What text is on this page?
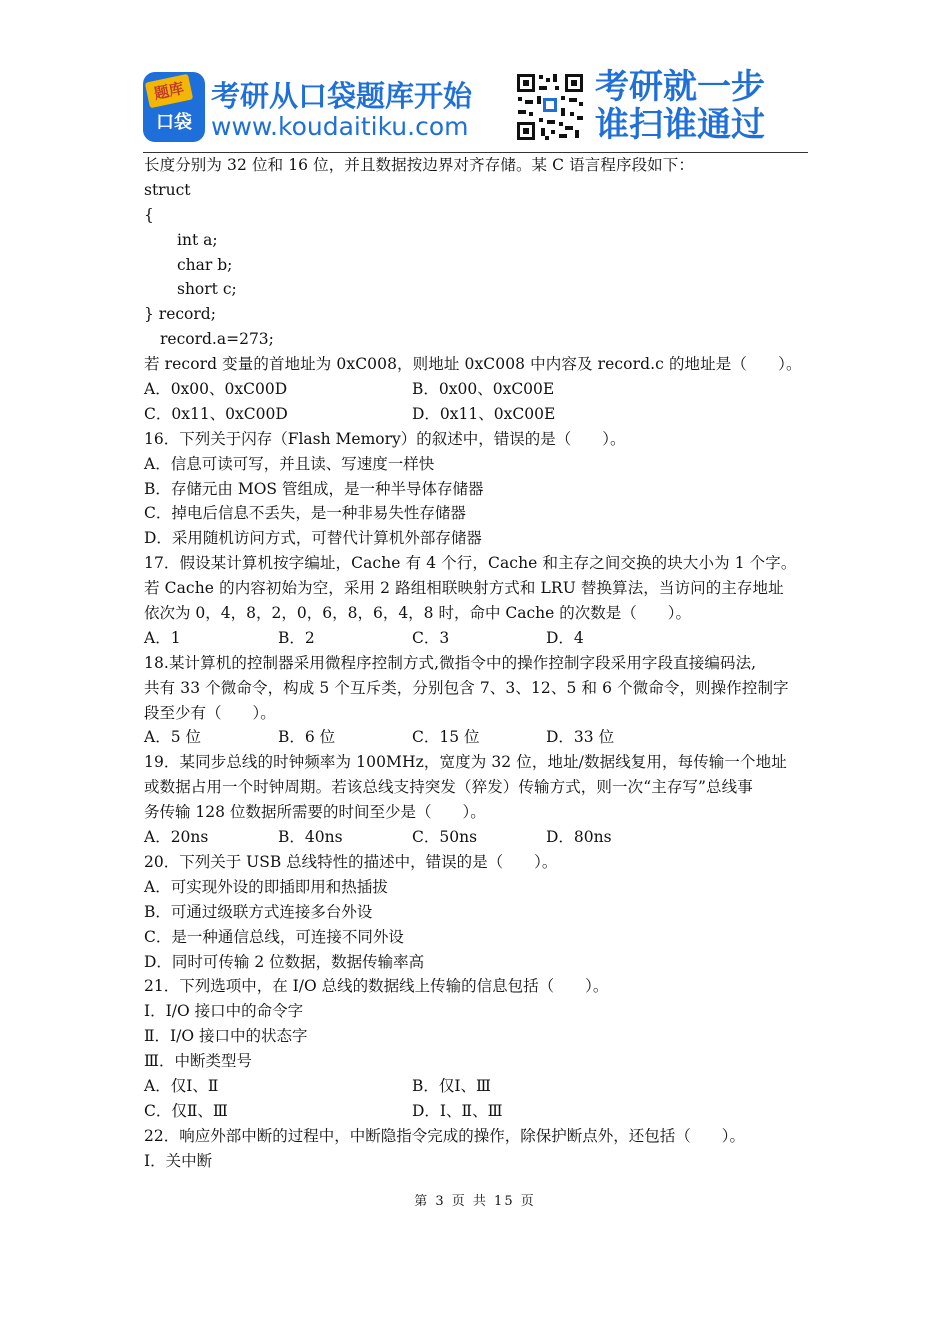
题库
口袋
考研从口袋题库开始
www.koudaitiku.com
考研就一步
谁扫谁通过
长度分别为 32 位和 16 位，并且数据按边界对齐存储。某 C 语言程序段如下：
struct
{
int a;
char b;
short c;
} record;
record.a=273;
若 record 变量的首地址为 0xC008，则地址 0xC008 中内容及 record.c 的地址是（　　）。
A．0x00、0xC00D	B．0x00、0xC00E
C．0x11、0xC00D	D．0x11、0xC00E
16．下列关于闪存（Flash Memory）的叙述中，错误的是（　　）。
A．信息可读可写，并且读、写速度一样快
B．存储元由 MOS 管组成，是一种半导体存储器
C．掉电后信息不丢失，是一种非易失性存储器
D．采用随机访问方式，可替代计算机外部存储器
17．假设某计算机按字编址，Cache 有 4 个行，Cache 和主存之间交换的块大小为 1 个字。
若 Cache 的内容初始为空，采用 2 路组相联映射方式和 LRU 替换算法，当访问的主存地址
依次为 0，4，8，2，0，6，8，6，4，8 时，命中 Cache 的次数是（　　）。
A．1	B．2	C．3	D．4
18.某计算机的控制器采用微程序控制方式,微指令中的操作控制字段采用字段直接编码法,
共有 33 个微命令，构成 5 个互斥类，分别包含 7、3、12、5 和 6 个微命令，则操作控制字
段至少有（　　）。
A．5 位	B．6 位	C．15 位	D．33 位
19．某同步总线的时钟频率为 100MHz，宽度为 32 位，地址/数据线复用，每传输一个地址
或数据占用一个时钟周期。若该总线支持突发（猝发）传输方式，则一次“主存写”总线事
务传输 128 位数据所需要的时间至少是（　　）。
A．20ns	B．40ns	C．50ns	D．80ns
20．下列关于 USB 总线特性的描述中，错误的是（　　）。
A．可实现外设的即插即用和热插拔
B．可通过级联方式连接多台外设
C．是一种通信总线，可连接不同外设
D．同时可传输 2 位数据，数据传输率高
21．下列选项中，在 I/O 总线的数据线上传输的信息包括（　　）。
Ⅰ．I/O 接口中的命令字
Ⅱ．I/O 接口中的状态字
Ⅲ．中断类型号
A．仅Ⅰ、Ⅱ	B．仅Ⅰ、Ⅲ
C．仅Ⅱ、Ⅲ	D．Ⅰ、Ⅱ、Ⅲ
22．响应外部中断的过程中，中断隐指令完成的操作，除保护断点外，还包括（　　）。
I．关中断
第 3 页 共 15 页
